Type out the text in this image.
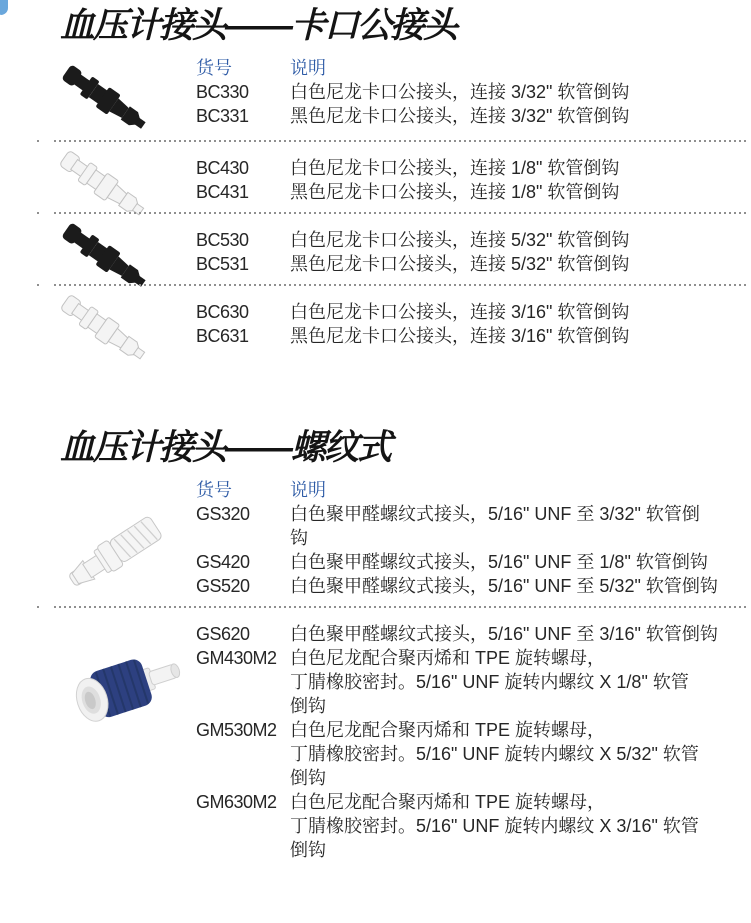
血压计接头——卡口公接头
货号	说明
BC330	白色尼龙卡口公接头，连接 3/32" 软管倒钩
BC331	黑色尼龙卡口公接头，连接 3/32" 软管倒钩
BC430	白色尼龙卡口公接头，连接 1/8" 软管倒钩
BC431	黑色尼龙卡口公接头，连接 1/8" 软管倒钩
BC530	白色尼龙卡口公接头，连接 5/32" 软管倒钩
BC531	黑色尼龙卡口公接头，连接 5/32" 软管倒钩
BC630	白色尼龙卡口公接头，连接 3/16" 软管倒钩
BC631	黑色尼龙卡口公接头，连接 3/16" 软管倒钩
血压计接头——螺纹式
货号	说明
GS320	白色聚甲醛螺纹式接头，5/16" UNF 至 3/32" 软管倒
钩
GS420	白色聚甲醛螺纹式接头，5/16" UNF 至 1/8" 软管倒钩
GS520	白色聚甲醛螺纹式接头，5/16" UNF 至 5/32" 软管倒钩
GS620	白色聚甲醛螺纹式接头，5/16" UNF 至 3/16" 软管倒钩
GM430M2 白色尼龙配合聚丙烯和 TPE 旋转螺母，
丁腈橡胶密封。5/16" UNF 旋转内螺纹 X 1/8" 软管
倒钩
GM530M2 白色尼龙配合聚丙烯和 TPE 旋转螺母，
丁腈橡胶密封。5/16" UNF 旋转内螺纹 X 5/32" 软管
倒钩
GM630M2 白色尼龙配合聚丙烯和 TPE 旋转螺母，
丁腈橡胶密封。5/16" UNF 旋转内螺纹 X 3/16" 软管
倒钩
